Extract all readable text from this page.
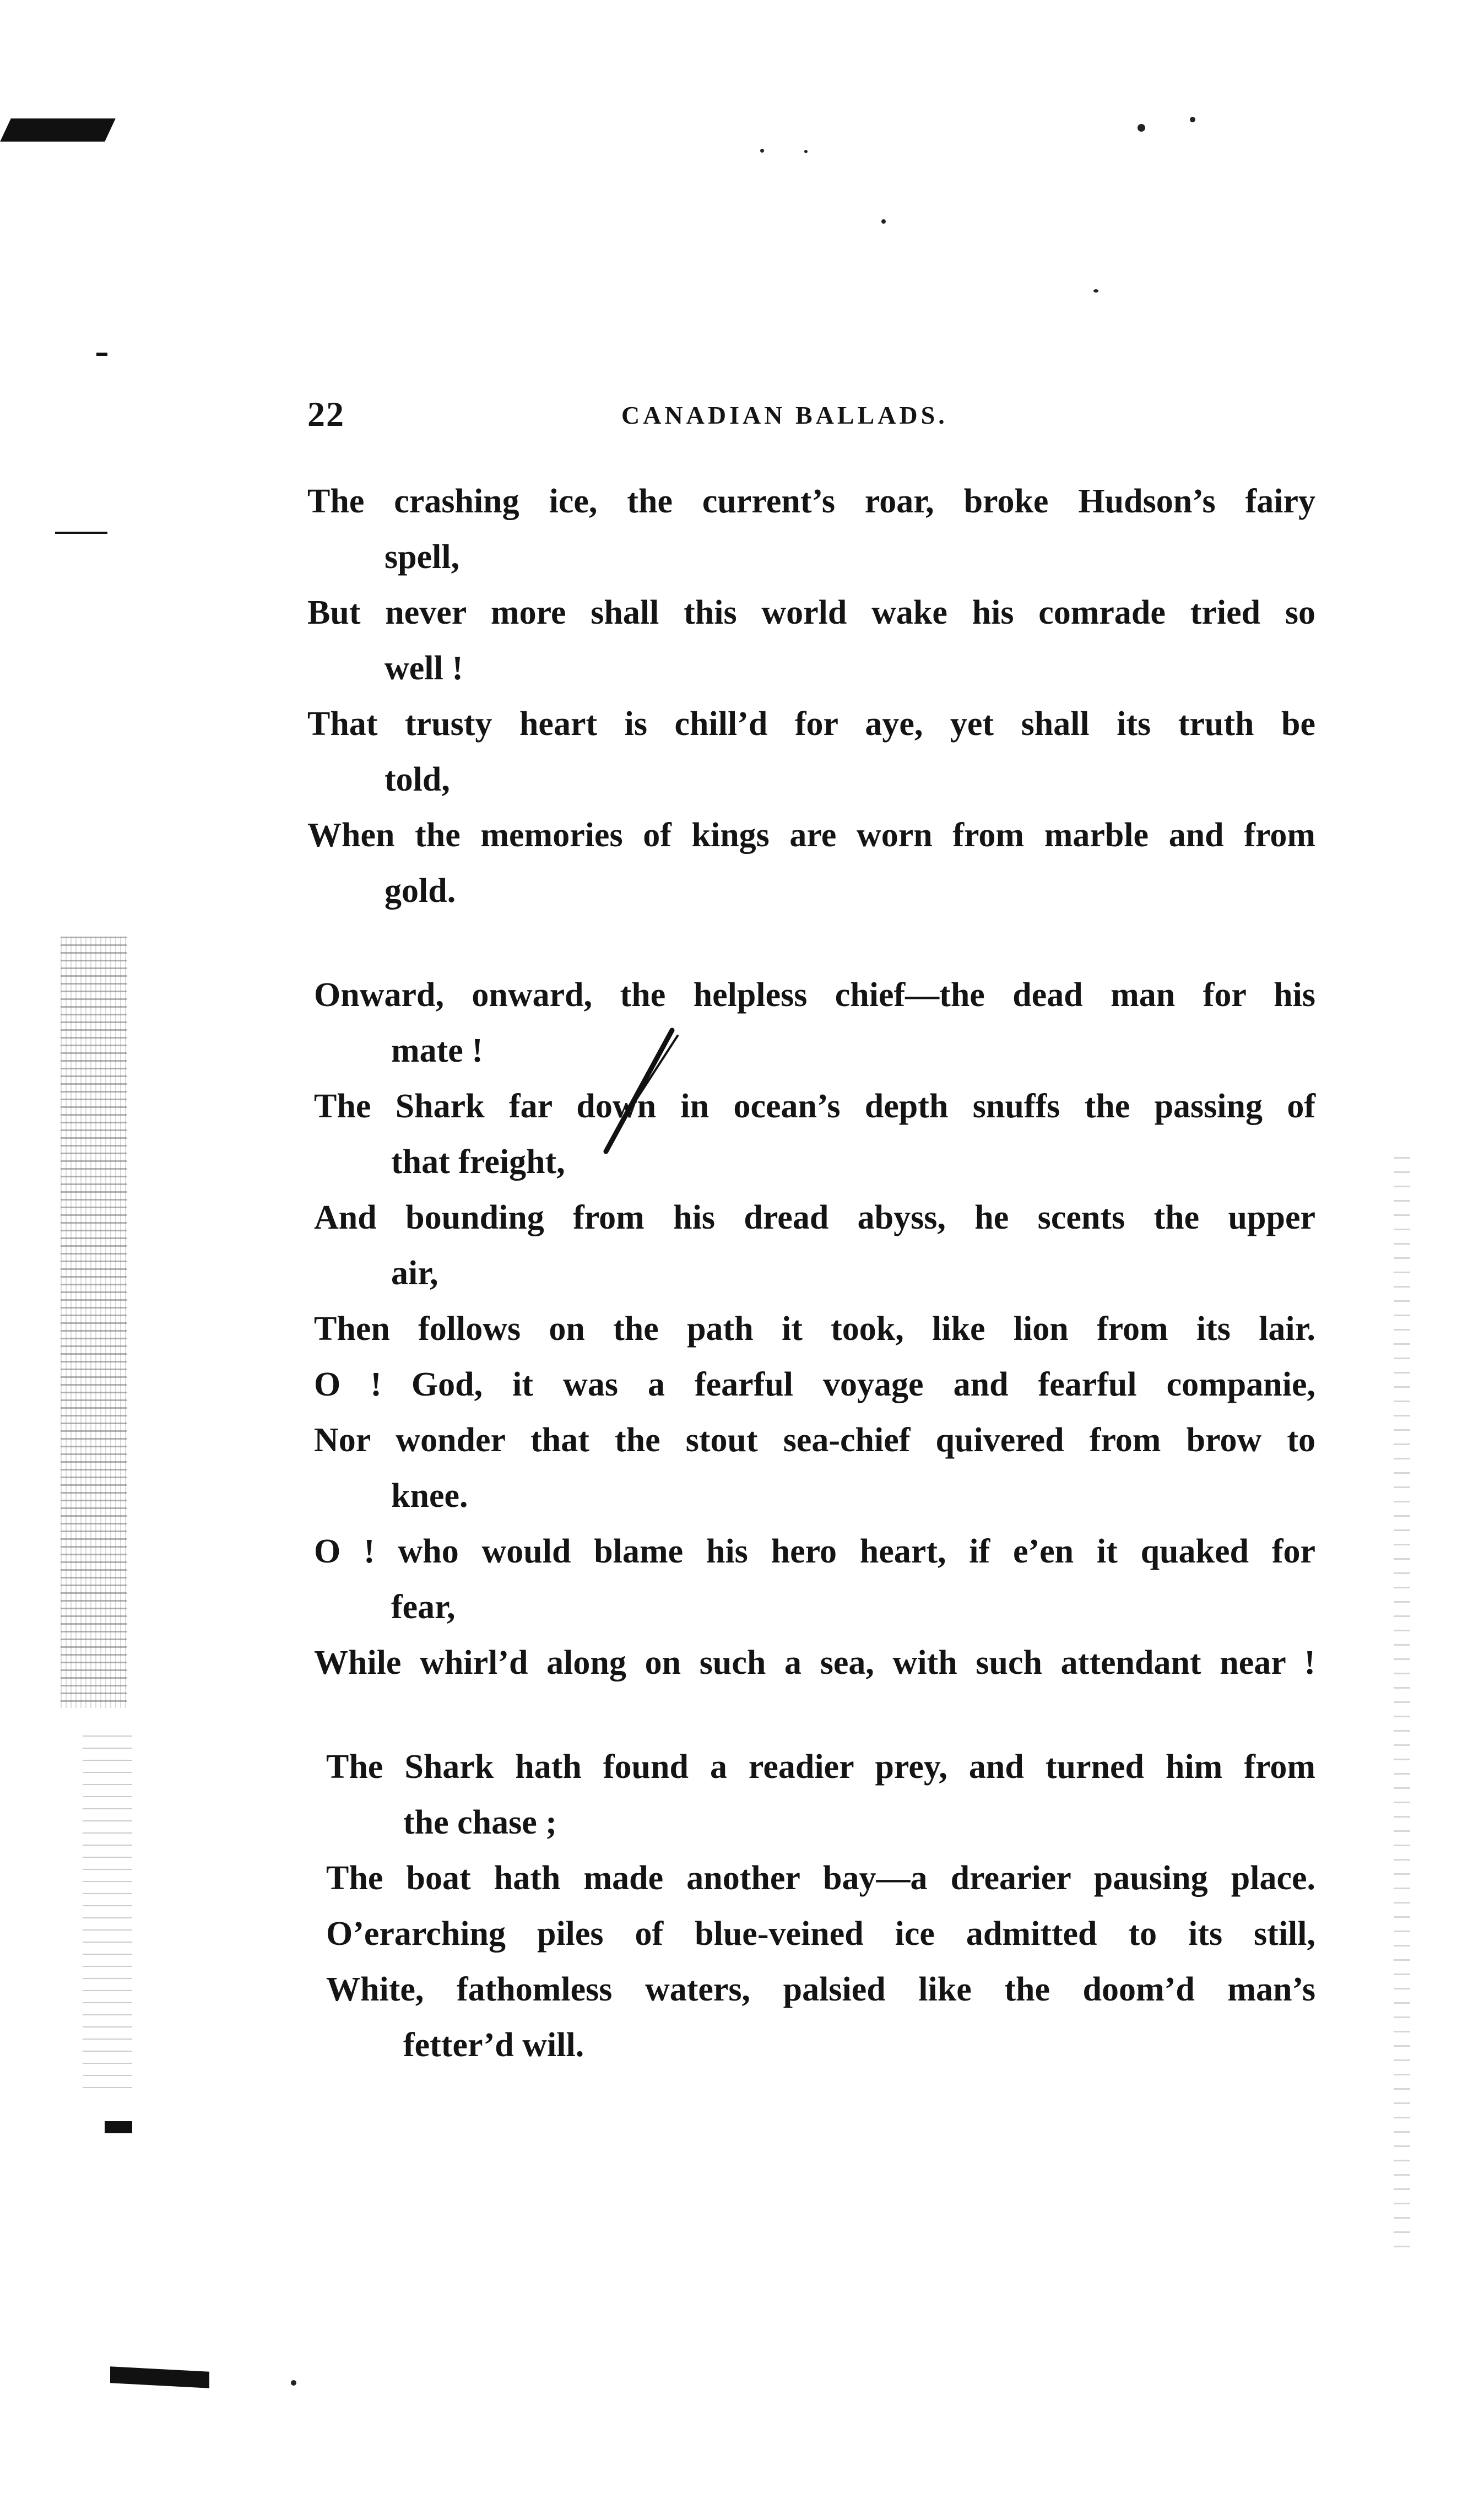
22	CANADIAN BALLADS.
The crashing ice, the current’s roar, broke Hudson’s fairy
spell,
But never more shall this world wake his comrade tried so
well !
That trusty heart is chill’d for aye, yet shall its truth be
told,
When the memories of kings are worn from marble and from
gold.
Onward, onward, the helpless chief—the dead man for his
mate !
The Shark far down in ocean’s depth snuffs the passing of
that freight,
And bounding from his dread abyss, he scents the upper
air,
Then follows on the path it took, like lion from its lair.
O ! God, it was a fearful voyage and fearful companie,
Nor wonder that the stout sea-chief quivered from brow to
knee.
O ! who would blame his hero heart, if e’en it quaked for
fear,
While whirl’d along on such a sea, with such attendant near !
The Shark hath found a readier prey, and turned him from
the chase ;
The boat hath made another bay—a drearier pausing place.
O’erarching piles of blue-veined ice admitted to its still,
White, fathomless waters, palsied like the doom’d man’s
fetter’d will.
